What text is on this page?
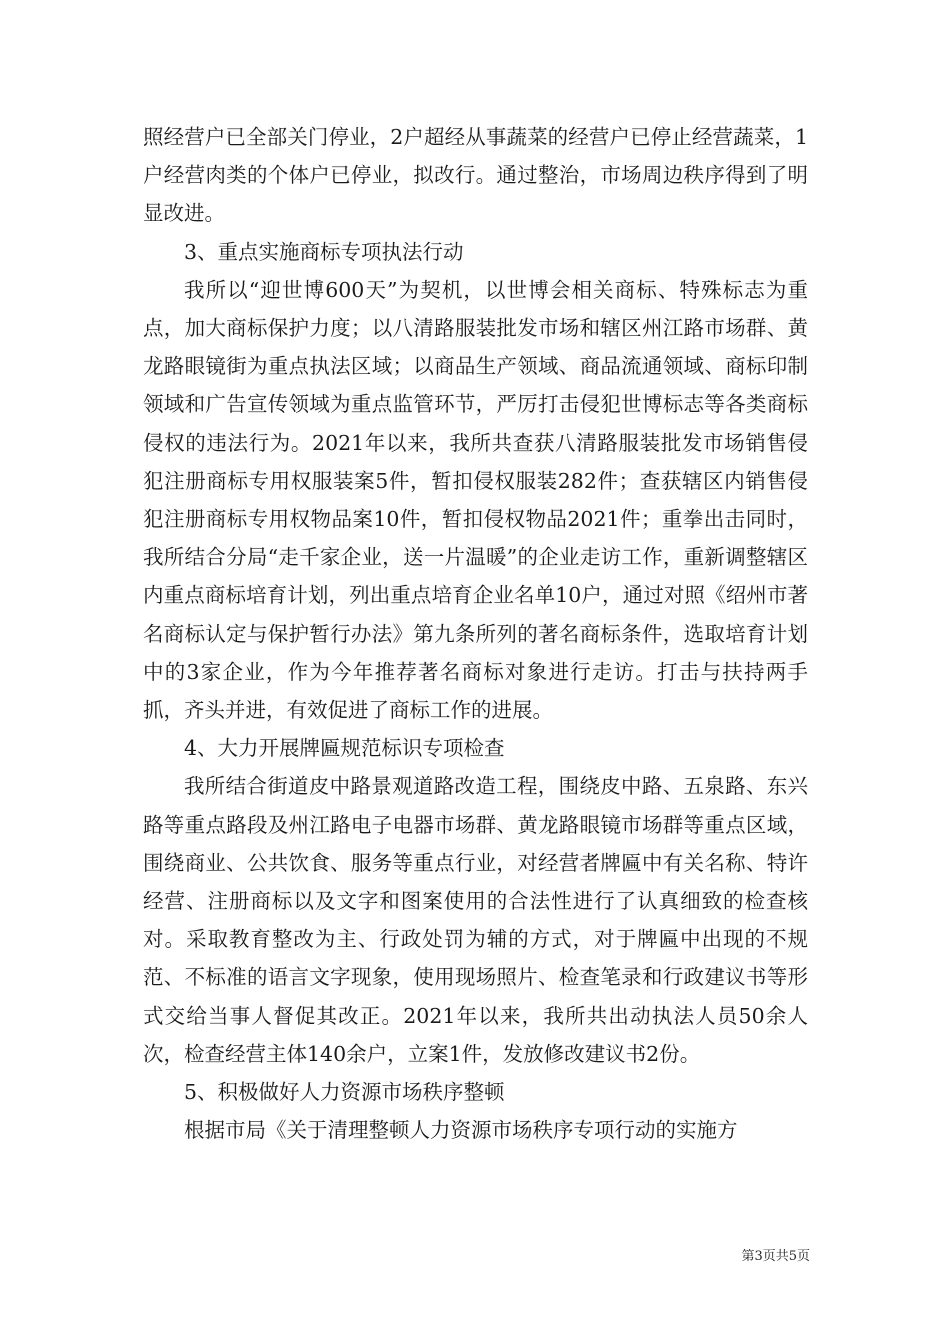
照经营户已全部关门停业，2户超经从事蔬菜的经营户已停止经营蔬菜，1户经营肉类的个体户已停业，拟改行。通过整治，市场周边秩序得到了明显改进。

3、重点实施商标专项执法行动

我所以“迎世博600天”为契机，以世博会相关商标、特殊标志为重点，加大商标保护力度；以八清路服装批发市场和辖区州江路市场群、黄龙路眼镜街为重点执法区域；以商品生产领域、商品流通领域、商标印制领域和广告宣传领域为重点监管环节，严厉打击侵犯世博标志等各类商标侵权的违法行为。2021年以来，我所共查获八清路服装批发市场销售侵犯注册商标专用权服装案5件，暂扣侵权服装282件；查获辖区内销售侵犯注册商标专用权物品案10件，暂扣侵权物品2021件；重拳出击同时，我所结合分局“走千家企业，送一片温暖”的企业走访工作，重新调整辖区内重点商标培育计划，列出重点培育企业名单10户，通过对照《绍州市著名商标认定与保护暂行办法》第九条所列的著名商标条件，选取培育计划中的3家企业，作为今年推荐著名商标对象进行走访。打击与扶持两手抓，齐头并进，有效促进了商标工作的进展。

4、大力开展牌匾规范标识专项检查

我所结合街道皮中路景观道路改造工程，围绕皮中路、五泉路、东兴路等重点路段及州江路电子电器市场群、黄龙路眼镜市场群等重点区域，围绕商业、公共饮食、服务等重点行业，对经营者牌匾中有关名称、特许经营、注册商标以及文字和图案使用的合法性进行了认真细致的检查核对。采取教育整改为主、行政处罚为辅的方式，对于牌匾中出现的不规范、不标准的语言文字现象，使用现场照片、检查笔录和行政建议书等形式交给当事人督促其改正。2021年以来，我所共出动执法人员50余人次，检查经营主体140余户，立案1件，发放修改建议书2份。

5、积极做好人力资源市场秩序整顿

根据市局《关于清理整顿人力资源市场秩序专项行动的实施方

第3页共5页
